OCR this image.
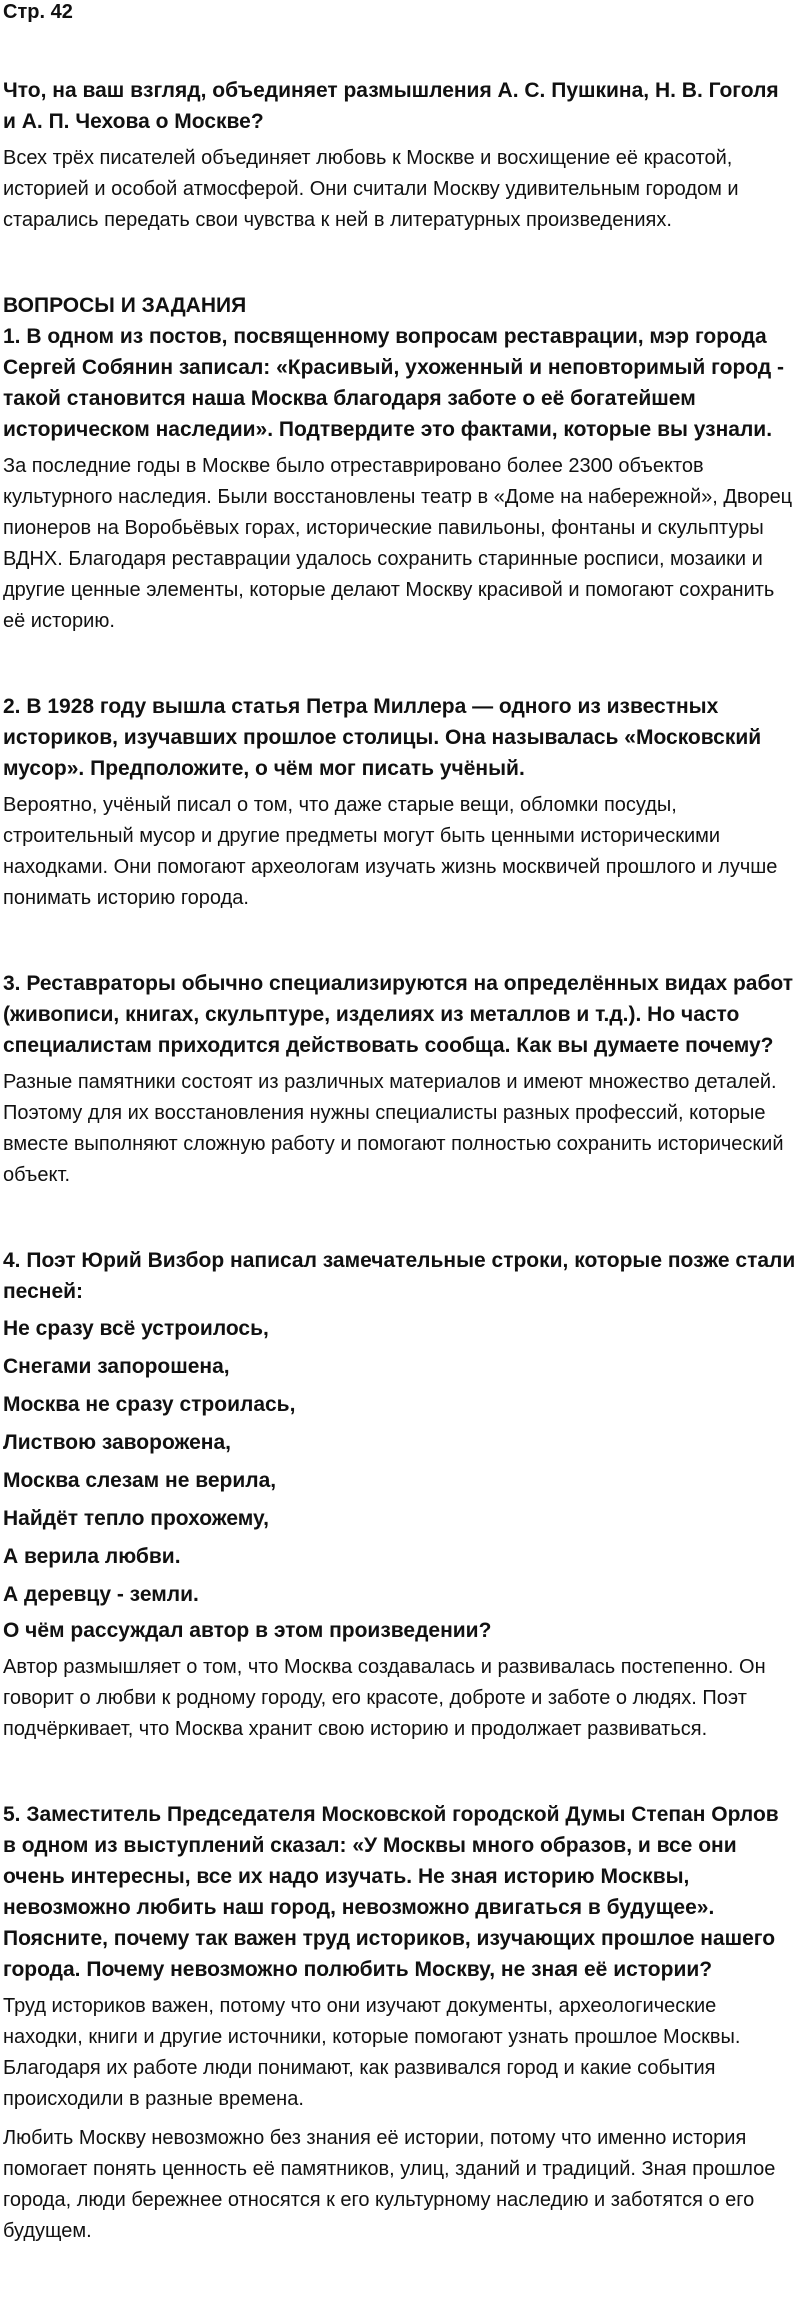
Стр. 42

Что, на ваш взгляд, объединяет размышления А. С. Пушкина, Н. В. Гоголя и А. П. Чехова о Москве?

Всех трёх писателей объединяет любовь к Москве и восхищение её красотой, историей и особой атмосферой. Они считали Москву удивительным городом и старались передать свои чувства к ней в литературных произведениях.

ВОПРОСЫ И ЗАДАНИЯ

1. В одном из постов, посвященному вопросам реставрации, мэр города Сергей Собянин записал: «Красивый, ухоженный и неповторимый город - такой становится наша Москва благодаря заботе о её богатейшем историческом наследии». Подтвердите это фактами, которые вы узнали.

За последние годы в Москве было отреставрировано более 2300 объектов культурного наследия. Были восстановлены театр в «Доме на набережной», Дворец пионеров на Воробьёвых горах, исторические павильоны, фонтаны и скульптуры ВДНХ. Благодаря реставрации удалось сохранить старинные росписи, мозаики и другие ценные элементы, которые делают Москву красивой и помогают сохранить её историю.

2. В 1928 году вышла статья Петра Миллера — одного из известных историков, изучавших прошлое столицы. Она называлась «Московский мусор». Предположите, о чём мог писать учёный.

Вероятно, учёный писал о том, что даже старые вещи, обломки посуды, строительный мусор и другие предметы могут быть ценными историческими находками. Они помогают археологам изучать жизнь москвичей прошлого и лучше понимать историю города.

3. Реставраторы обычно специализируются на определённых видах работ (живописи, книгах, скульптуре, изделиях из металлов и т.д.). Но часто специалистам приходится действовать сообща. Как вы думаете почему?

Разные памятники состоят из различных материалов и имеют множество деталей. Поэтому для их восстановления нужны специалисты разных профессий, которые вместе выполняют сложную работу и помогают полностью сохранить исторический объект.

4. Поэт Юрий Визбор написал замечательные строки, которые позже стали песней:

Не сразу всё устроилось,

Снегами запорошена,

Москва не сразу строилась,

Листвою заворожена,

Москва слезам не верила,

Найдёт тепло прохожему,

А верила любви.

А деревцу - земли.

О чём рассуждал автор в этом произведении?

Автор размышляет о том, что Москва создавалась и развивалась постепенно. Он говорит о любви к родному городу, его красоте, доброте и заботе о людях. Поэт подчёркивает, что Москва хранит свою историю и продолжает развиваться.

5. Заместитель Председателя Московской городской Думы Степан Орлов в одном из выступлений сказал: «У Москвы много образов, и все они очень интересны, все их надо изучать. Не зная историю Москвы, невозможно любить наш город, невозможно двигаться в будущее». Поясните, почему так важен труд историков, изучающих прошлое нашего города. Почему невозможно полюбить Москву, не зная её истории?

Труд историков важен, потому что они изучают документы, археологические находки, книги и другие источники, которые помогают узнать прошлое Москвы. Благодаря их работе люди понимают, как развивался город и какие события происходили в разные времена.

Любить Москву невозможно без знания её истории, потому что именно история помогает понять ценность её памятников, улиц, зданий и традиций. Зная прошлое города, люди бережнее относятся к его культурному наследию и заботятся о его будущем.
